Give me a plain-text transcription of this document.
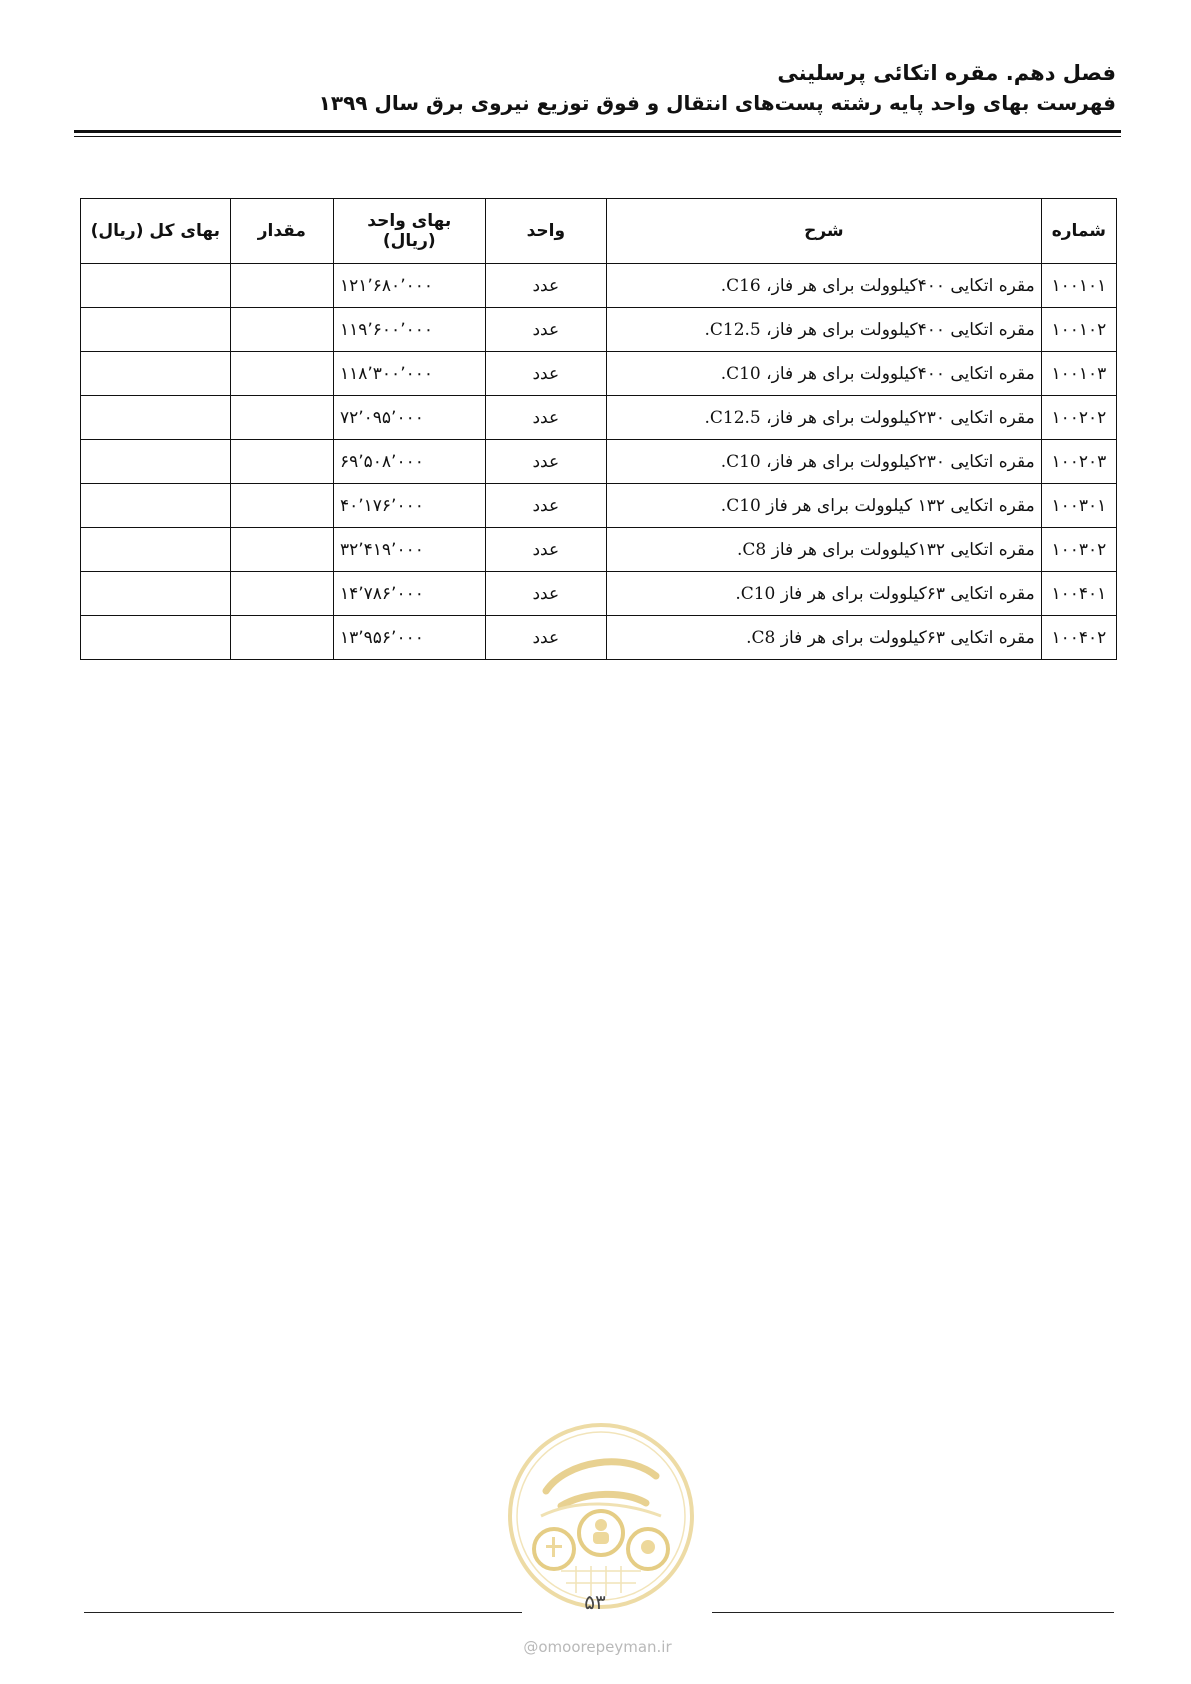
فصل دهم. مقره اتکائی پرسلینی
فهرست بهای واحد پایه رشته پست‌های انتقال و فوق توزیع نیروی برق سال ۱۳۹۹
شماره	شرح	واحد	بهای واحد (ریال)	مقدار	بهای کل (ریال)
۱۰۰۱۰۱	مقره اتکایی ۴۰۰کیلوولت برای هر فاز، C16.	عدد	۱۲۱٬۶۸۰٬۰۰۰		
۱۰۰۱۰۲	مقره اتکایی ۴۰۰کیلوولت برای هر فاز، C12.5.	عدد	۱۱۹٬۶۰۰٬۰۰۰		
۱۰۰۱۰۳	مقره اتکایی ۴۰۰کیلوولت برای هر فاز، C10.	عدد	۱۱۸٬۳۰۰٬۰۰۰		
۱۰۰۲۰۲	مقره اتکایی ۲۳۰کیلوولت برای هر فاز، C12.5.	عدد	۷۲٬۰۹۵٬۰۰۰		
۱۰۰۲۰۳	مقره اتکایی ۲۳۰کیلوولت برای هر فاز، C10.	عدد	۶۹٬۵۰۸٬۰۰۰		
۱۰۰۳۰۱	مقره اتکایی ۱۳۲ کیلوولت برای هر فاز C10.	عدد	۴۰٬۱۷۶٬۰۰۰		
۱۰۰۳۰۲	مقره اتکایی ۱۳۲کیلوولت برای هر فاز C8.	عدد	۳۲٬۴۱۹٬۰۰۰		
۱۰۰۴۰۱	مقره اتکایی ۶۳کیلوولت برای هر فاز C10.	عدد	۱۴٬۷۸۶٬۰۰۰		
۱۰۰۴۰۲	مقره اتکایی ۶۳کیلوولت برای هر فاز C8.	عدد	۱۳٬۹۵۶٬۰۰۰		
۵۳
@omoorepeyman.ir
